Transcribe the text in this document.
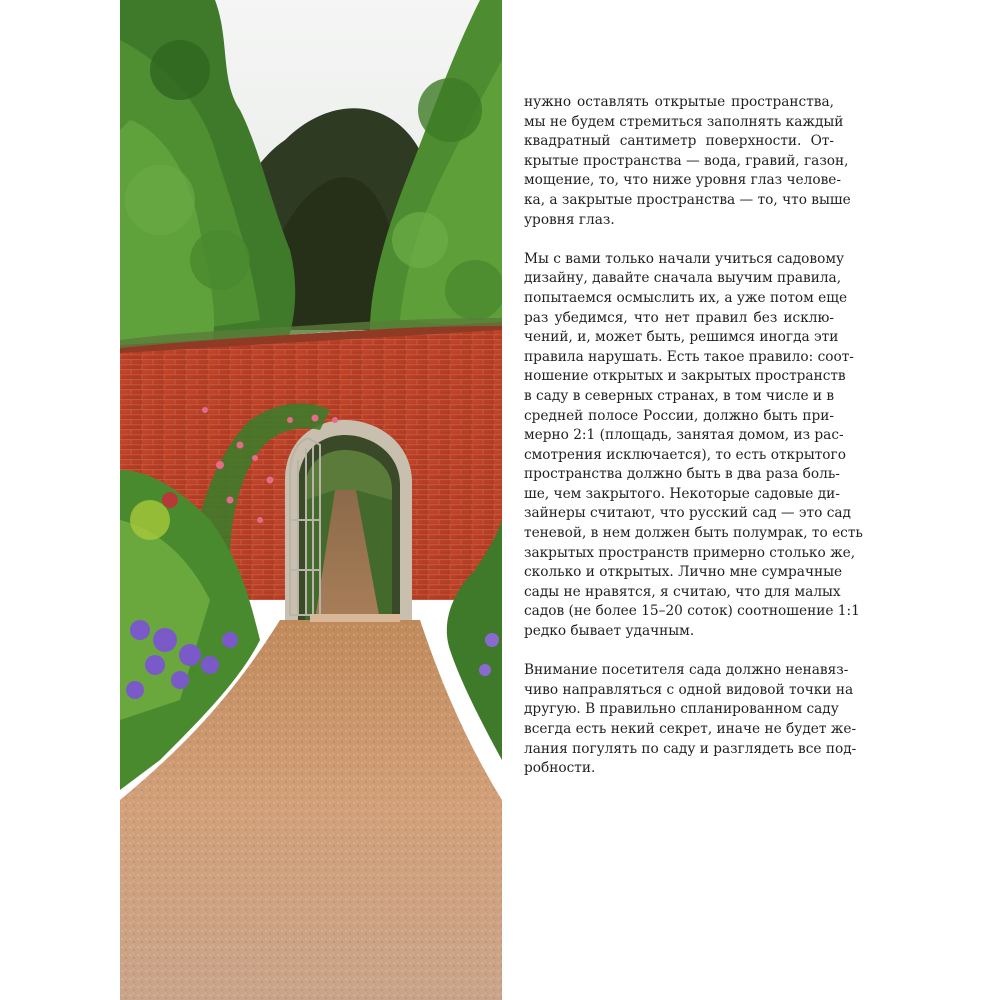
нужно оставлять открытые пространства,
мы не будем стремиться заполнять каждый
квадратный сантиметр поверхности. От-
крытые пространства — вода, гравий, газон,
мощение, то, что ниже уровня глаз челове-
ка, а закрытые пространства — то, что выше
уровня глаз.
Мы с вами только начали учиться садовому
дизайну, давайте сначала выучим правила,
попытаемся осмыслить их, а уже потом еще
раз убедимся, что нет правил без исклю-
чений, и, может быть, решимся иногда эти
правила нарушать. Есть такое правило: соот-
ношение открытых и закрытых пространств
в саду в северных странах, в том числе и в
средней полосе России, должно быть при-
мерно 2:1 (площадь, занятая домом, из рас-
смотрения исключается), то есть открытого
пространства должно быть в два раза боль-
ше, чем закрытого. Некоторые садовые ди-
зайнеры считают, что русский сад — это сад
теневой, в нем должен быть полумрак, то есть
закрытых пространств примерно столько же,
сколько и открытых. Лично мне сумрачные
сады не нравятся, я считаю, что для малых
садов (не более 15–20 соток) соотношение 1:1
редко бывает удачным.
Внимание посетителя сада должно ненавяз-
чиво направляться с одной видовой точки на
другую. В правильно спланированном саду
всегда есть некий секрет, иначе не будет же-
лания погулять по саду и разглядеть все под-
робности.
